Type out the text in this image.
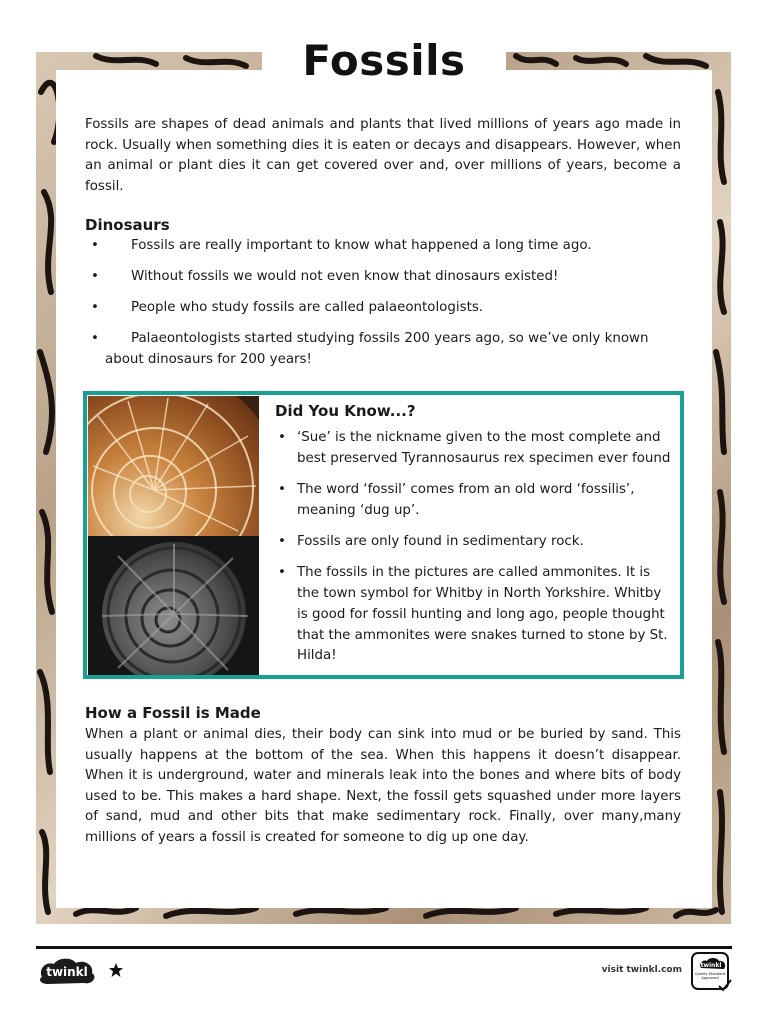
Fossils

Fossils are shapes of dead animals and plants that lived millions of years ago made in rock. Usually when something dies it is eaten or decays and disappears. However, when an animal or plant dies it can get covered over and, over millions of years, become a fossil.

Dinosaurs
•	Fossils are really important to know what happened a long time ago.
•	Without fossils we would not even know that dinosaurs existed!
•	People who study fossils are called palaeontologists.
•	Palaeontologists started studying fossils 200 years ago, so we’ve only known about dinosaurs for 200 years!
Did You Know...?
• ‘Sue’ is the nickname given to the most complete and best preserved Tyrannosaurus rex specimen ever found
• The word ‘fossil’ comes from an old word ‘fossilis’, meaning ‘dug up’.
• Fossils are only found in sedimentary rock.
• The fossils in the pictures are called ammonites. It is the town symbol for Whitby in North Yorkshire. Whitby is good for fossil hunting and long ago, people thought that the ammonites were snakes turned to stone by St. Hilda!
How a Fossil is Made

When a plant or animal dies, their body can sink into mud or be buried by sand. This usually happens at the bottom of the sea. When this happens it doesn’t disappear. When it is underground, water and minerals leak into the bones and where bits of body used to be. This makes a hard shape. Next, the fossil gets squashed under more layers of sand, mud and other bits that make sedimentary rock. Finally, over many,many millions of years a fossil is created for someone to dig up one day.

twinkl	visit twinkl.com	twinkl
Quality Standard Approved
